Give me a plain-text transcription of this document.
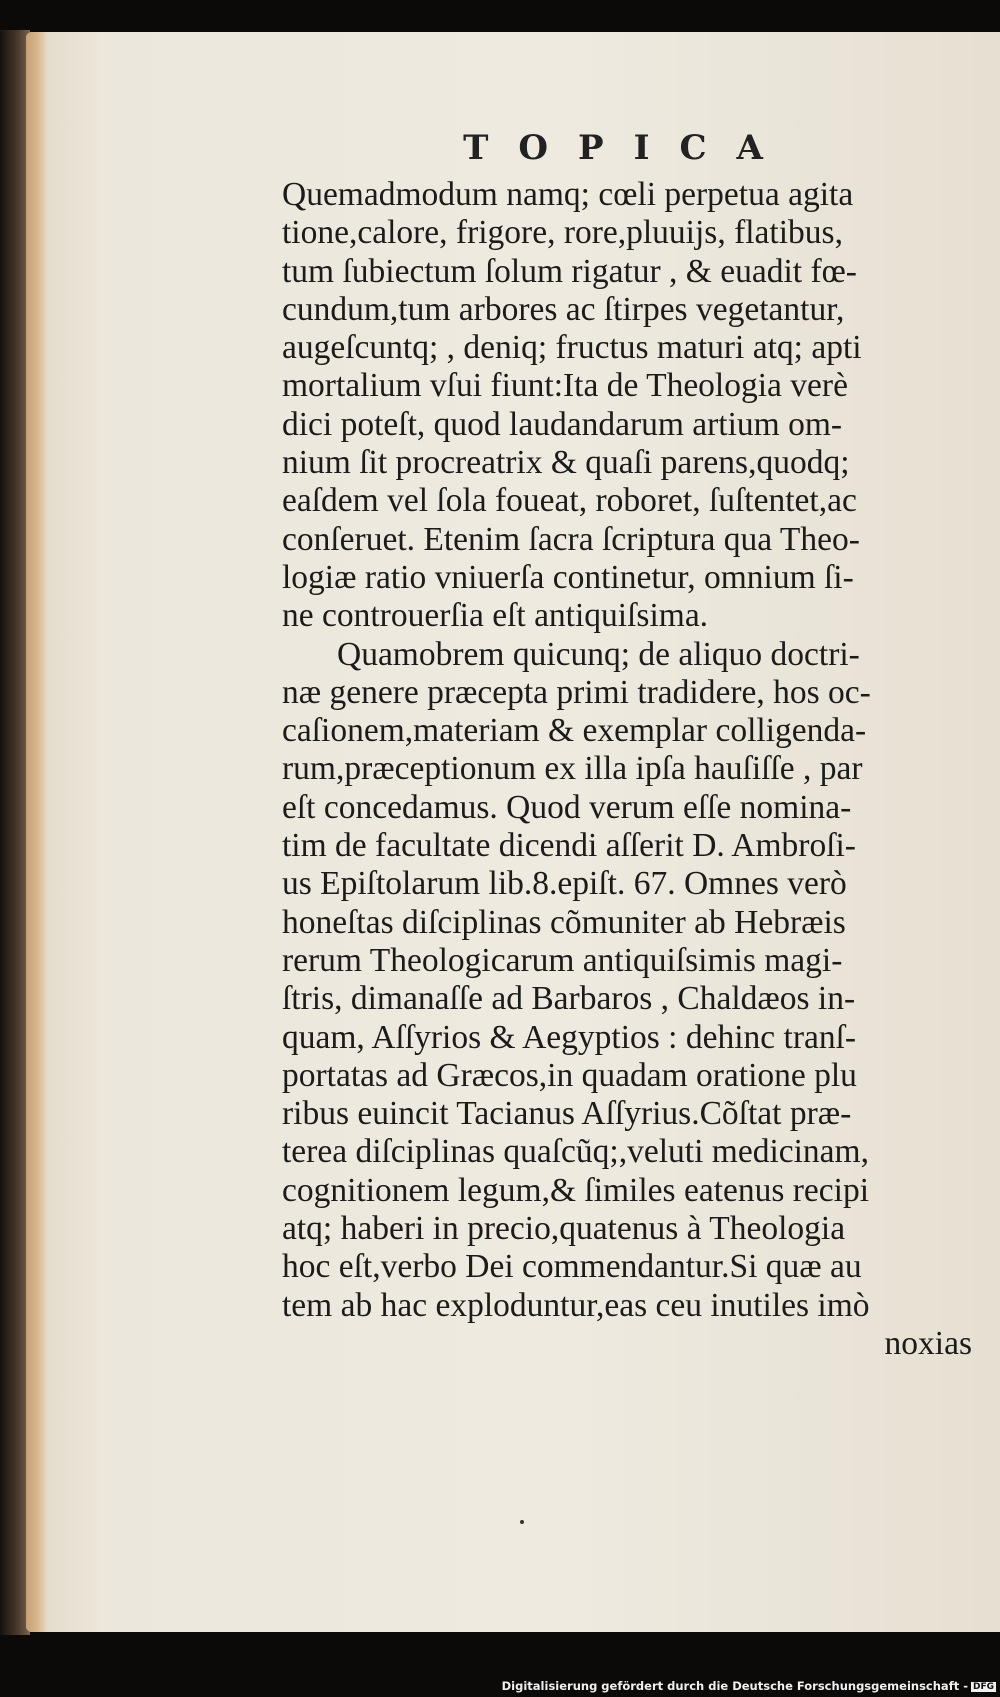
TOPICA
Quemadmodum namq; cœli perpetua agita
tione,calore, frigore, rore,pluuijs, flatibus,
tum ſubiectum ſolum rigatur , & euadit fœ-
cundum,tum arbores ac ſtirpes vegetantur,
augeſcuntq; , deniq; fructus maturi atq; apti
mortalium vſui fiunt:Ita de Theologia verè
dici poteſt, quod laudandarum artium om-
nium ſit procreatrix & quaſi parens,quodq;
eaſdem vel ſola foueat, roboret, ſuſtentet,ac
conſeruet. Etenim ſacra ſcriptura qua Theo-
logiæ ratio vniuerſa continetur, omnium ſi-
ne controuerſia eſt antiquiſsima.
Quamobrem quicunq; de aliquo doctri-
næ genere præcepta primi tradidere, hos oc-
caſionem,materiam & exemplar colligenda-
rum,præceptionum ex illa ipſa hauſiſſe , par
eſt concedamus. Quod verum eſſe nomina-
tim de facultate dicendi aſſerit D. Ambroſi-
us Epiſtolarum lib.8.epiſt. 67. Omnes verò
honeſtas diſciplinas cõmuniter ab Hebræis
rerum Theologicarum antiquiſsimis magi-
ſtris, dimanaſſe ad Barbaros , Chaldæos in-
quam, Aſſyrios & Aegyptios : dehinc tranſ-
portatas ad Græcos,in quadam oratione plu
ribus euincit Tacianus Aſſyrius.Cõſtat præ-
terea diſciplinas quaſcũq;,veluti medicinam,
cognitionem legum,& ſimiles eatenus recipi
atq; haberi in precio,quatenus à Theologia
hoc eſt,verbo Dei commendantur.Si quæ au
tem ab hac exploduntur,eas ceu inutiles imò
noxias
Digitalisierung gefördert durch die Deutsche Forschungsgemeinschaft - DFG
